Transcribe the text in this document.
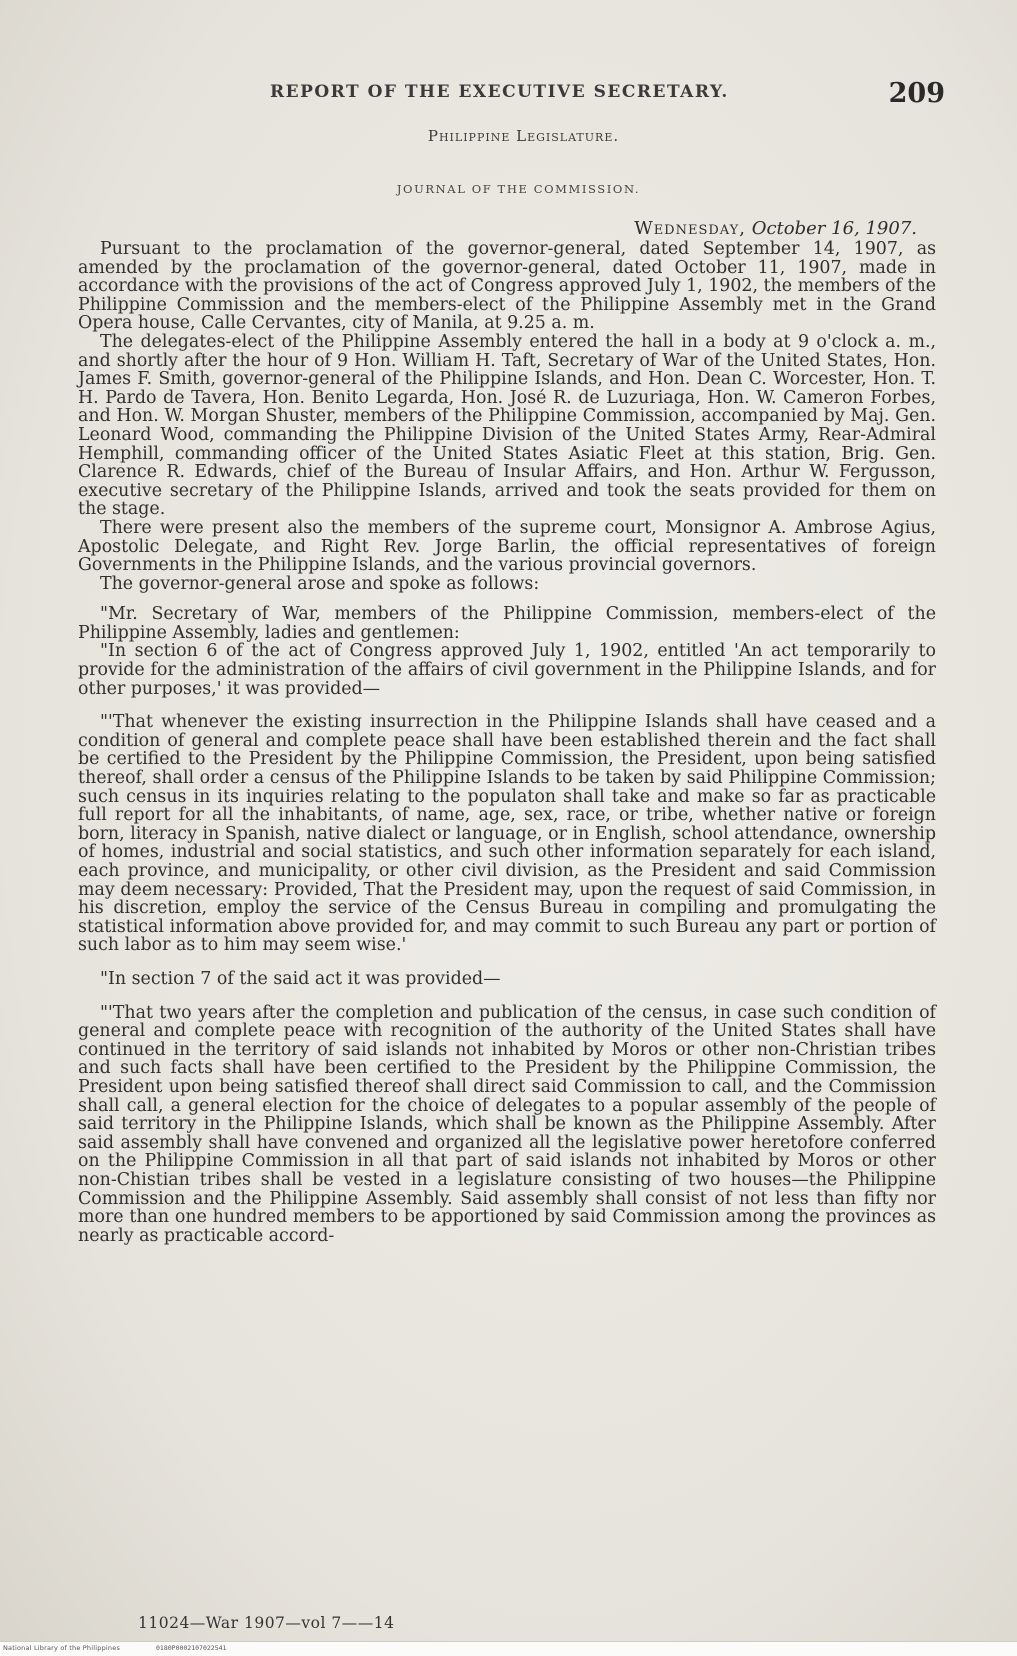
REPORT OF THE EXECUTIVE SECRETARY.	209
Philippine Legislature.
JOURNAL OF THE COMMISSION.
Wednesday, October 16, 1907.

Pursuant to the proclamation of the governor-general, dated September 14, 1907, as amended by the proclamation of the governor-general, dated October 11, 1907, made in accordance with the provisions of the act of Congress approved July 1, 1902, the members of the Philippine Commission and the members-elect of the Philippine Assembly met in the Grand Opera house, Calle Cervantes, city of Manila, at 9.25 a. m.

The delegates-elect of the Philippine Assembly entered the hall in a body at 9 o'clock a. m., and shortly after the hour of 9 Hon. William H. Taft, Secretary of War of the United States, Hon. James F. Smith, governor-general of the Philippine Islands, and Hon. Dean C. Worcester, Hon. T. H. Pardo de Tavera, Hon. Benito Legarda, Hon. José R. de Luzuriaga, Hon. W. Cameron Forbes, and Hon. W. Morgan Shuster, members of the Philippine Commission, accompanied by Maj. Gen. Leonard Wood, commanding the Philippine Division of the United States Army, Rear-Admiral Hemphill, commanding officer of the United States Asiatic Fleet at this station, Brig. Gen. Clarence R. Edwards, chief of the Bureau of Insular Affairs, and Hon. Arthur W. Fergusson, executive secretary of the Philippine Islands, arrived and took the seats provided for them on the stage.

There were present also the members of the supreme court, Monsignor A. Ambrose Agius, Apostolic Delegate, and Right Rev. Jorge Barlin, the official representatives of foreign Governments in the Philippine Islands, and the various provincial governors.

The governor-general arose and spoke as follows:

"Mr. Secretary of War, members of the Philippine Commission, members-elect of the Philippine Assembly, ladies and gentlemen:

"In section 6 of the act of Congress approved July 1, 1902, entitled 'An act temporarily to provide for the administration of the affairs of civil government in the Philippine Islands, and for other purposes,' it was provided—

"'That whenever the existing insurrection in the Philippine Islands shall have ceased and a condition of general and complete peace shall have been established therein and the fact shall be certified to the President by the Philippine Commission, the President, upon being satisfied thereof, shall order a census of the Philippine Islands to be taken by said Philippine Commission; such census in its inquiries relating to the populaton shall take and make so far as practicable full report for all the inhabitants, of name, age, sex, race, or tribe, whether native or foreign born, literacy in Spanish, native dialect or language, or in English, school attendance, ownership of homes, industrial and social statistics, and such other information separately for each island, each province, and municipality, or other civil division, as the President and said Commission may deem necessary: Provided, That the President may, upon the request of said Commission, in his discretion, employ the service of the Census Bureau in compiling and promulgating the statistical information above provided for, and may commit to such Bureau any part or portion of such labor as to him may seem wise.'

"In section 7 of the said act it was provided—

"'That two years after the completion and publication of the census, in case such condition of general and complete peace with recognition of the authority of the United States shall have continued in the territory of said islands not inhabited by Moros or other non-Christian tribes and such facts shall have been certified to the President by the Philippine Commission, the President upon being satisfied thereof shall direct said Commission to call, and the Commission shall call, a general election for the choice of delegates to a popular assembly of the people of said territory in the Philippine Islands, which shall be known as the Philippine Assembly. After said assembly shall have convened and organized all the legislative power heretofore conferred on the Philippine Commission in all that part of said islands not inhabited by Moros or other non-Chistian tribes shall be vested in a legislature consisting of two houses—the Philippine Commission and the Philippine Assembly. Said assembly shall consist of not less than fifty nor more than one hundred members to be apportioned by said Commission among the provinces as nearly as practicable accord-

11024—War 1907—vol 7——14
National Library of the Philippines	0180P0002107022541
